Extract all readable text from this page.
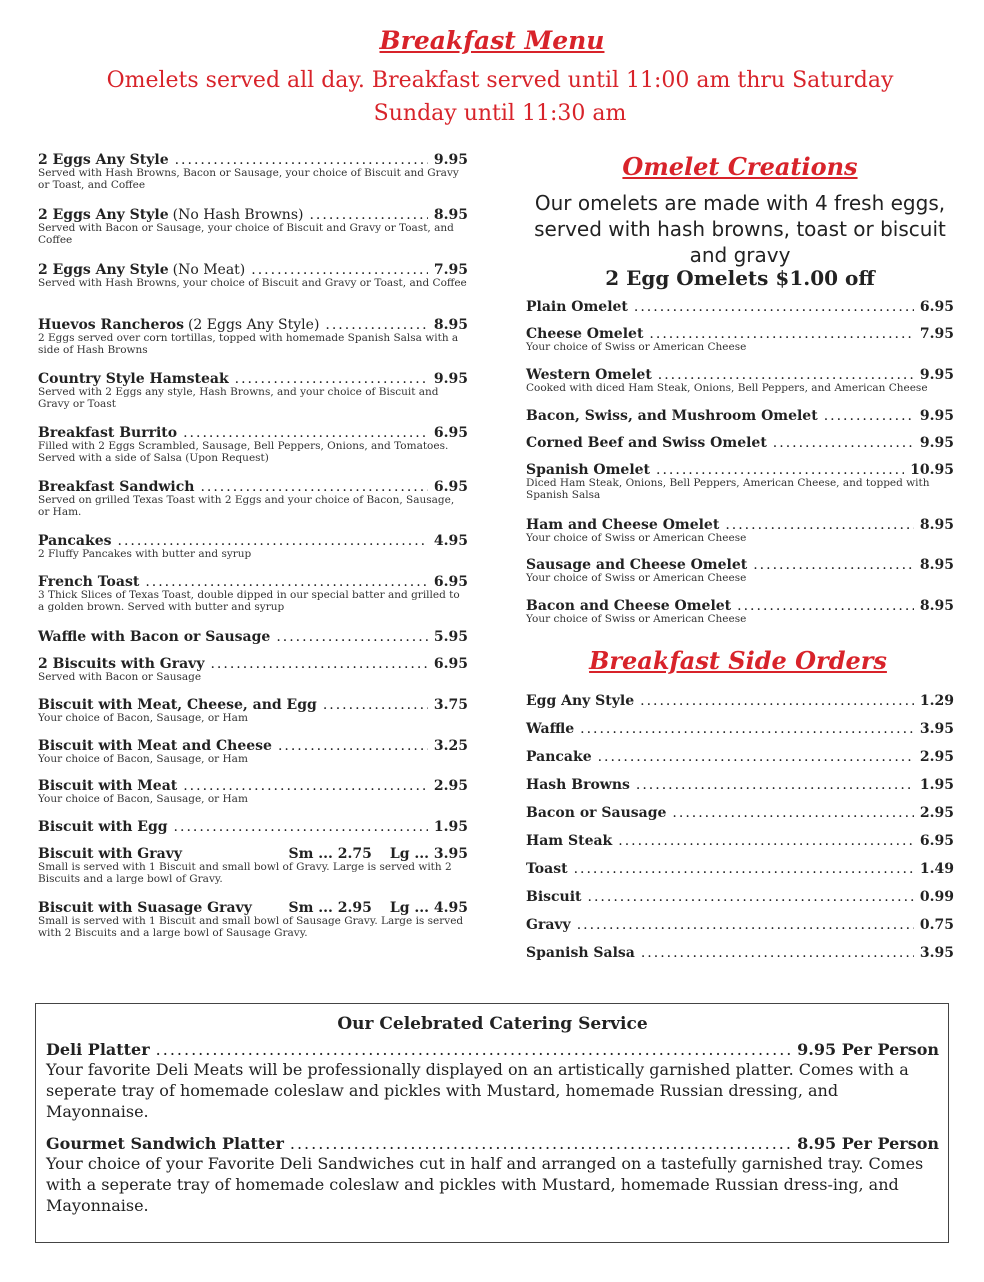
Breakfast Menu
Omelets served all day. Breakfast served until 11:00 am thru Saturday
Sunday until 11:30 am
2 Eggs Any Style .....	9.95
Served with Hash Browns, Bacon or Sausage, your choice of Biscuit and Gravy or Toast, and Coffee
2 Eggs Any Style (No Hash Browns) .....	8.95
Served with Bacon or Sausage, your choice of Biscuit and Gravy or Toast, and Coffee
2 Eggs Any Style (No Meat) .....	7.95
Served with Hash Browns, your choice of Biscuit and Gravy or Toast, and Coffee
Huevos Rancheros (2 Eggs Any Style) .....	8.95
2 Eggs served over corn tortillas, topped with homemade Spanish Salsa with a side of Hash Browns
Country Style Hamsteak .....	9.95
Served with 2 Eggs any style, Hash Browns, and your choice of Biscuit and Gravy or Toast
Breakfast Burrito .....	6.95
Filled with 2 Eggs Scrambled, Sausage, Bell Peppers, Onions, and Tomatoes. Served with a side of Salsa (Upon Request)
Breakfast Sandwich .....	6.95
Served on grilled Texas Toast with 2 Eggs and your choice of Bacon, Sausage, or Ham.
Pancakes .....	4.95
2 Fluffy Pancakes with butter and syrup
French Toast .....	6.95
3 Thick Slices of Texas Toast, double dipped in our special batter and grilled to a golden brown. Served with butter and syrup
Waffle with Bacon or Sausage .....	5.95
2 Biscuits with Gravy .....	6.95
Served with Bacon or Sausage
Biscuit with Meat, Cheese, and Egg .....	3.75
Your choice of Bacon, Sausage, or Ham
Biscuit with Meat and Cheese .....	3.25
Your choice of Bacon, Sausage, or Ham
Biscuit with Meat .....	2.95
Your choice of Bacon, Sausage, or Ham
Biscuit with Egg .....	1.95
Biscuit with Gravy	Sm ... 2.75 Lg ... 3.95
Small is served with 1 Biscuit and small bowl of Gravy. Large is served with 2 Biscuits and a large bowl of Gravy.
Biscuit with Suasage Gravy	Sm ... 2.95 Lg ... 4.95
Small is served with 1 Biscuit and small bowl of Sausage Gravy. Large is served with 2 Biscuits and a large bowl of Sausage Gravy.
Omelet Creations
Our omelets are made with 4 fresh eggs, served with hash browns, toast or biscuit and gravy
2 Egg Omelets $1.00 off
Plain Omelet .....	6.95
Cheese Omelet .....	7.95
Your choice of Swiss or American Cheese
Western Omelet .....	9.95
Cooked with diced Ham Steak, Onions, Bell Peppers, and American Cheese
Bacon, Swiss, and Mushroom Omelet .....	9.95
Corned Beef and Swiss Omelet .....	9.95
Spanish Omelet .....	10.95
Diced Ham Steak, Onions, Bell Peppers, American Cheese, and topped with Spanish Salsa
Ham and Cheese Omelet .....	8.95
Your choice of Swiss or American Cheese
Sausage and Cheese Omelet .....	8.95
Your choice of Swiss or American Cheese
Bacon and Cheese Omelet .....	8.95
Your choice of Swiss or American Cheese
Breakfast Side Orders
Egg Any Style .....	1.29
Waffle .....	3.95
Pancake .....	2.95
Hash Browns .....	1.95
Bacon or Sausage .....	2.95
Ham Steak .....	6.95
Toast .....	1.49
Biscuit .....	0.99
Gravy .....	0.75
Spanish Salsa .....	3.95
Our Celebrated Catering Service
Deli Platter .....	9.95 Per Person
Your favorite Deli Meats will be professionally displayed on an artistically garnished platter. Comes with a seperate tray of homemade coleslaw and pickles with Mustard, homemade Russian dressing, and Mayonnaise.
Gourmet Sandwich Platter .....	8.95 Per Person
Your choice of your Favorite Deli Sandwiches cut in half and arranged on a tastefully garnished tray. Comes with a seperate tray of homemade coleslaw and pickles with Mustard, homemade Russian dress-ing, and Mayonnaise.
